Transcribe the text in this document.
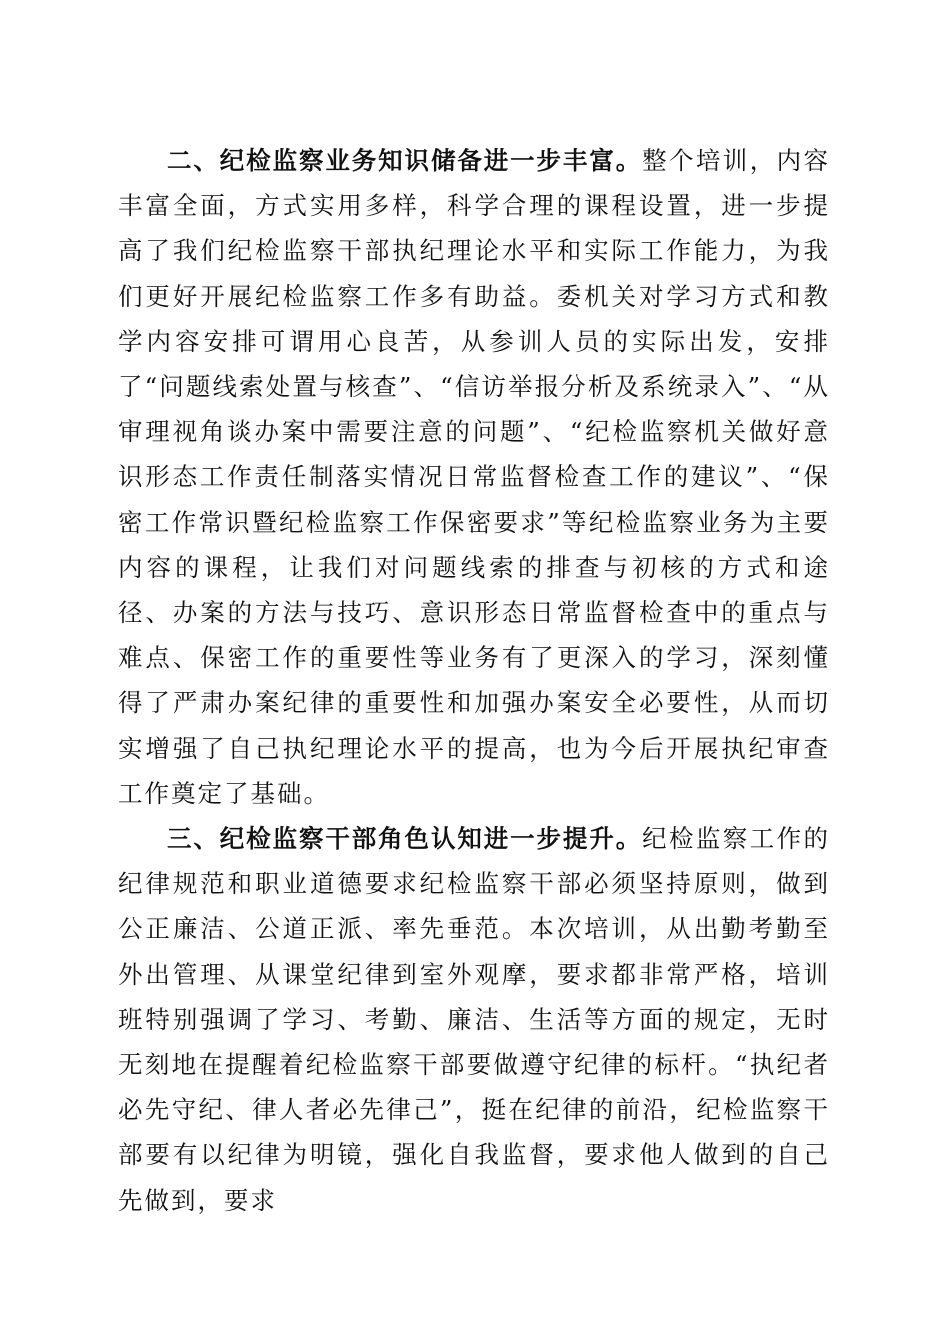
二、纪检监察业务知识储备进一步丰富。整个培训，内容丰富全面，方式实用多样，科学合理的课程设置，进一步提高了我们纪检监察干部执纪理论水平和实际工作能力，为我们更好开展纪检监察工作多有助益。委机关对学习方式和教学内容安排可谓用心良苦，从参训人员的实际出发，安排了“问题线索处置与核查”、“信访举报分析及系统录入”、“从审理视角谈办案中需要注意的问题”、“纪检监察机关做好意识形态工作责任制落实情况日常监督检查工作的建议”、“保密工作常识暨纪检监察工作保密要求”等纪检监察业务为主要内容的课程，让我们对问题线索的排查与初核的方式和途径、办案的方法与技巧、意识形态日常监督检查中的重点与难点、保密工作的重要性等业务有了更深入的学习，深刻懂得了严肃办案纪律的重要性和加强办案安全必要性，从而切实增强了自己执纪理论水平的提高，也为今后开展执纪审查工作奠定了基础。

三、纪检监察干部角色认知进一步提升。纪检监察工作的纪律规范和职业道德要求纪检监察干部必须坚持原则，做到公正廉洁、公道正派、率先垂范。本次培训，从出勤考勤至外出管理、从课堂纪律到室外观摩，要求都非常严格，培训班特别强调了学习、考勤、廉洁、生活等方面的规定，无时无刻地在提醒着纪检监察干部要做遵守纪律的标杆。“执纪者必先守纪、律人者必先律己”，挺在纪律的前沿，纪检监察干部要有以纪律为明镜，强化自我监督，要求他人做到的自己先做到，要求
